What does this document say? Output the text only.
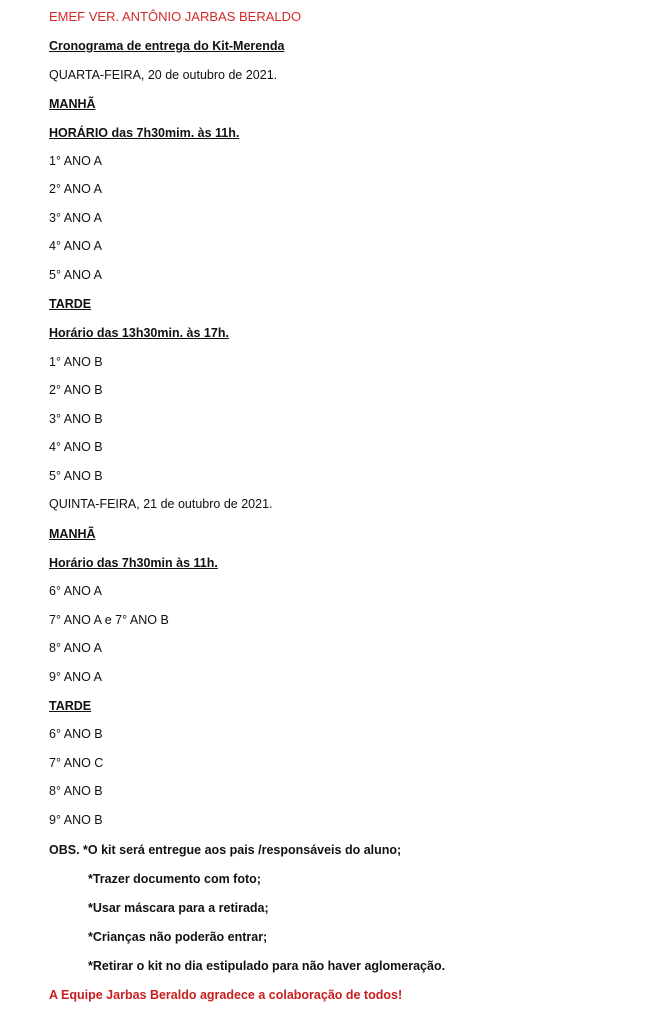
EMEF VER. ANTÔNIO JARBAS BERALDO
Cronograma de entrega do Kit-Merenda
QUARTA-FEIRA, 20 de outubro de 2021.
MANHÃ
HORÁRIO das 7h30mim. às 11h.
1° ANO A
2° ANO A
3° ANO A
4° ANO A
5° ANO A
TARDE
Horário das 13h30min. às 17h.
1° ANO B
2° ANO B
3° ANO B
4° ANO B
5° ANO B
QUINTA-FEIRA, 21 de outubro de 2021.
MANHÃ
Horário das 7h30min às 11h.
6° ANO A
7° ANO A e 7° ANO B
8° ANO A
9° ANO A
TARDE
6° ANO B
7° ANO C
8° ANO B
9° ANO B
OBS. *O kit será entregue aos pais /responsáveis do aluno;
*Trazer documento com foto;
*Usar máscara para a retirada;
*Crianças não poderão entrar;
*Retirar o kit no dia estipulado para não haver aglomeração.
A Equipe Jarbas Beraldo agradece a colaboração de todos!
